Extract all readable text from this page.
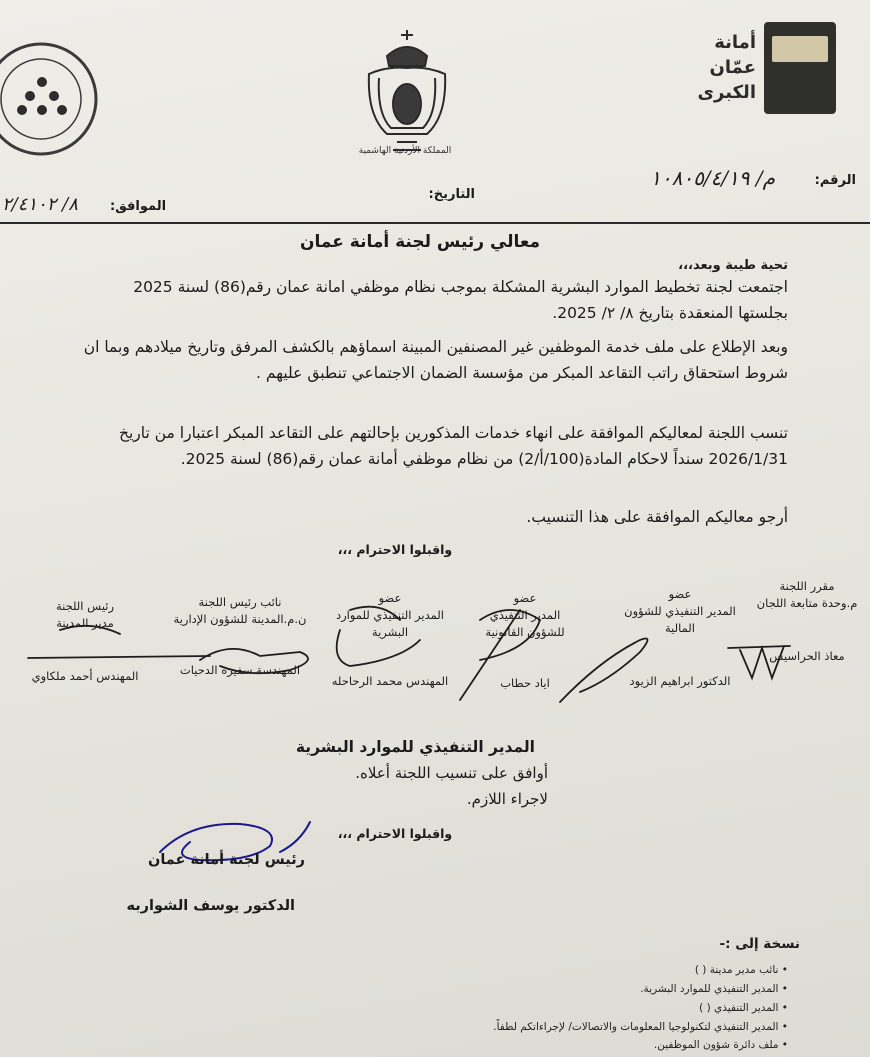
أمانة
عمّان
الكبرى
المملكة الأردنية الهاشمية
الرقم:
م/ ١٠٨٠٥/٤/١٩
التاريخ:
الموافق:
٨/ ٢/٤١٠٢
معالي رئيس لجنة أمانة عمان
تحية طيبة وبعد،،،
اجتمعت لجنة تخطيط الموارد البشرية المشكلة بموجب نظام موظفي امانة عمان رقم(86) لسنة 2025 بجلستها المنعقدة بتاريخ ٨/ ٢/ 2025.
وبعد الإطلاع على ملف خدمة الموظفين غير المصنفين المبينة اسماؤهم بالكشف المرفق وتاريخ ميلادهم وبما ان شروط استحقاق راتب التقاعد المبكر من مؤسسة الضمان الاجتماعي تنطبق عليهم .
تنسب اللجنة لمعاليكم الموافقة على انهاء خدمات المذكورين بإحالتهم على التقاعد المبكر اعتبارا من تاريخ 2026/1/31 سنداً لاحكام المادة(100/أ/2) من نظام موظفي أمانة عمان رقم(86) لسنة 2025.
أرجو معاليكم الموافقة على هذا التنسيب.
واقبلوا الاحترام ،،،
مقرر اللجنة
م.وحدة متابعة اللجان
معاذ الحراسيس
عضو
المدير التنفيذي للشؤون المالية
الدكتور ابراهيم الزيود
عضو
المدير التنفيذي للشؤون القانونية
اياد حطاب
عضو
المدير التنفيذي للموارد البشرية
المهندس محمد الرحاحله
نائب رئيس اللجنة
ن.م.المدينة للشؤون الإدارية
المهندسة سفيره الدحيات
رئيس اللجنة
مدير المدينة
المهندس أحمد ملكاوي
المدير التنفيذي للموارد البشرية
أوافق على تنسيب اللجنة أعلاه.
لاجراء اللازم.
واقبلوا الاحترام ،،،
رئيس لجنة أمانة عمان
الدكتور يوسف الشواربه
نسخة إلى :-
• نائب مدير مدينة ( )
• المدير التنفيذي للموارد البشرية.
• المدير التنفيذي ( )
• المدير التنفيذي لتكنولوجيا المعلومات والاتصالات/ لإجراءاتكم لطفاً.
• ملف دائرة شؤون الموظفين.
